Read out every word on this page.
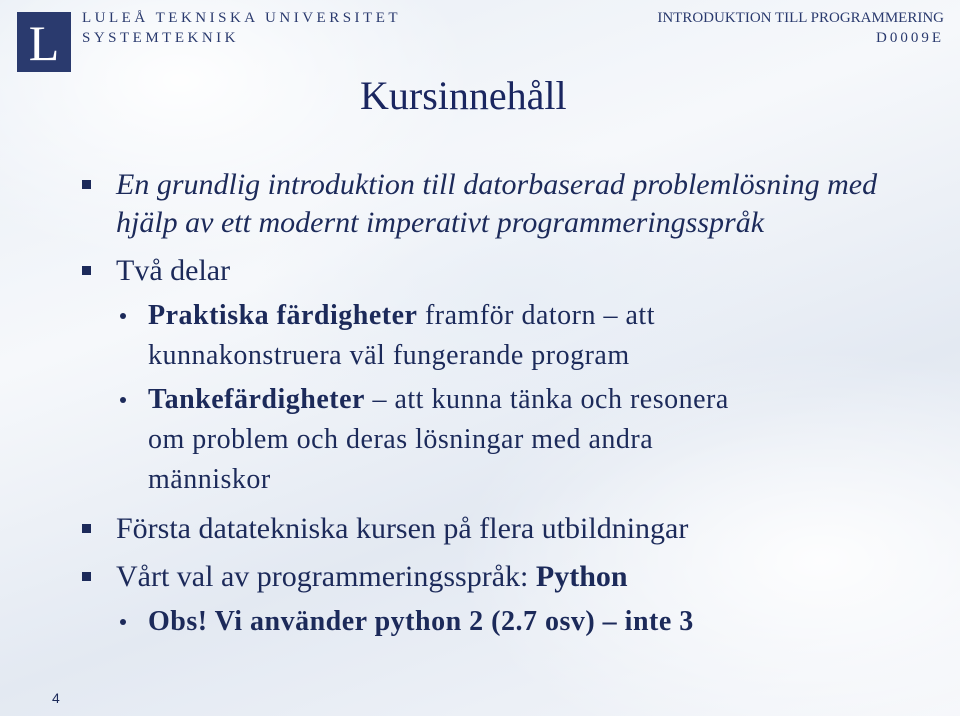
L	LULEÅ TEKNISKA UNIVERSITET
SYSTEMTEKNIK
INTRODUKTION TILL PROGRAMMERING
D0009E
Kursinnehåll
En grundlig introduktion till datorbaserad problemlösning med
hjälp av ett modernt imperativt programmeringsspråk
Två delar
Praktiska färdigheter framför datorn – att
kunnakonstruera väl fungerande program
Tankefärdigheter – att kunna tänka och resonera
om problem och deras lösningar med andra
människor
Första datatekniska kursen på flera utbildningar
Vårt val av programmeringsspråk: Python
Obs! Vi använder python 2 (2.7 osv) – inte 3
4
